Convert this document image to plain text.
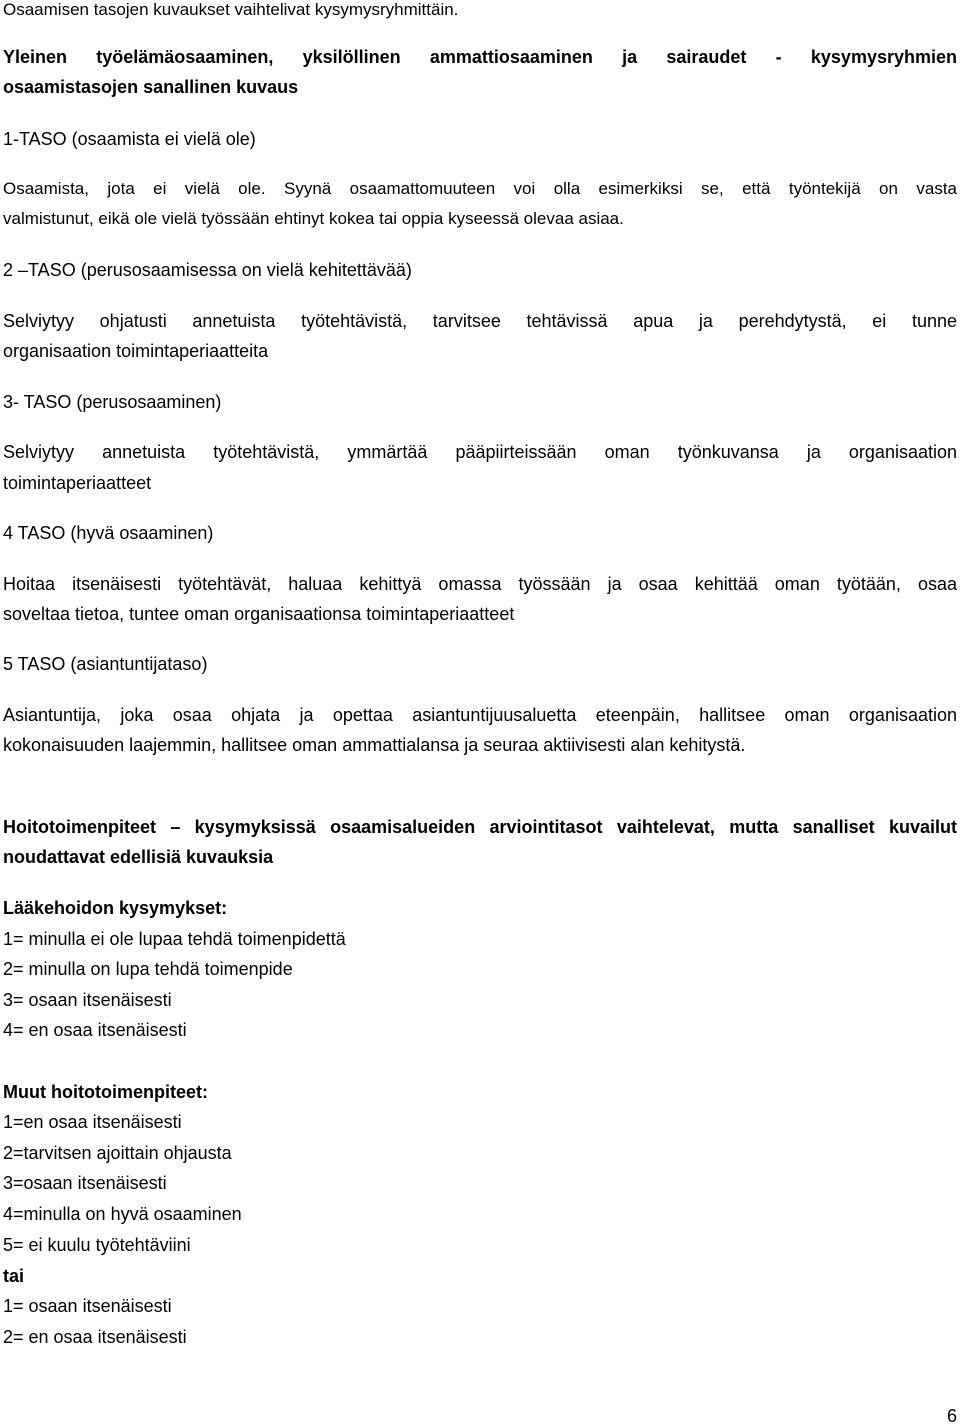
Osaamisen tasojen kuvaukset vaihtelivat kysymysryhmittäin.
Yleinen työelämäosaaminen, yksilöllinen ammattiosaaminen ja sairaudet - kysymysryhmien
osaamistasojen sanallinen kuvaus
1-TASO (osaamista ei vielä ole)
Osaamista, jota ei vielä ole. Syynä osaamattomuuteen voi olla esimerkiksi se, että työntekijä on vasta
valmistunut, eikä ole vielä työssään ehtinyt kokea tai oppia kyseessä olevaa asiaa.
2 –TASO (perusosaamisessa on vielä kehitettävää)
Selviytyy ohjatusti annetuista työtehtävistä, tarvitsee tehtävissä apua ja perehdytystä, ei tunne
organisaation toimintaperiaatteita
3- TASO (perusosaaminen)
Selviytyy annetuista työtehtävistä, ymmärtää pääpiirteissään oman työnkuvansa ja organisaation
toimintaperiaatteet
4 TASO (hyvä osaaminen)
Hoitaa itsenäisesti työtehtävät, haluaa kehittyä omassa työssään ja osaa kehittää oman työtään, osaa
soveltaa tietoa, tuntee oman organisaationsa toimintaperiaatteet
5 TASO (asiantuntijataso)
Asiantuntija, joka osaa ohjata ja opettaa asiantuntijuusaluetta eteenpäin, hallitsee oman organisaation
kokonaisuuden laajemmin, hallitsee oman ammattialansa ja seuraa aktiivisesti alan kehitystä.
Hoitotoimenpiteet – kysymyksissä osaamisalueiden arviointitasot vaihtelevat, mutta sanalliset kuvailut
noudattavat edellisiä kuvauksia
Lääkehoidon kysymykset:
1= minulla ei ole lupaa tehdä toimenpidettä
2= minulla on lupa tehdä toimenpide
3= osaan itsenäisesti
4= en osaa itsenäisesti
Muut hoitotoimenpiteet:
1=en osaa itsenäisesti
2=tarvitsen ajoittain ohjausta
3=osaan itsenäisesti
4=minulla on hyvä osaaminen
5= ei kuulu työtehtäviini
tai
1= osaan itsenäisesti
2= en osaa itsenäisesti
6
